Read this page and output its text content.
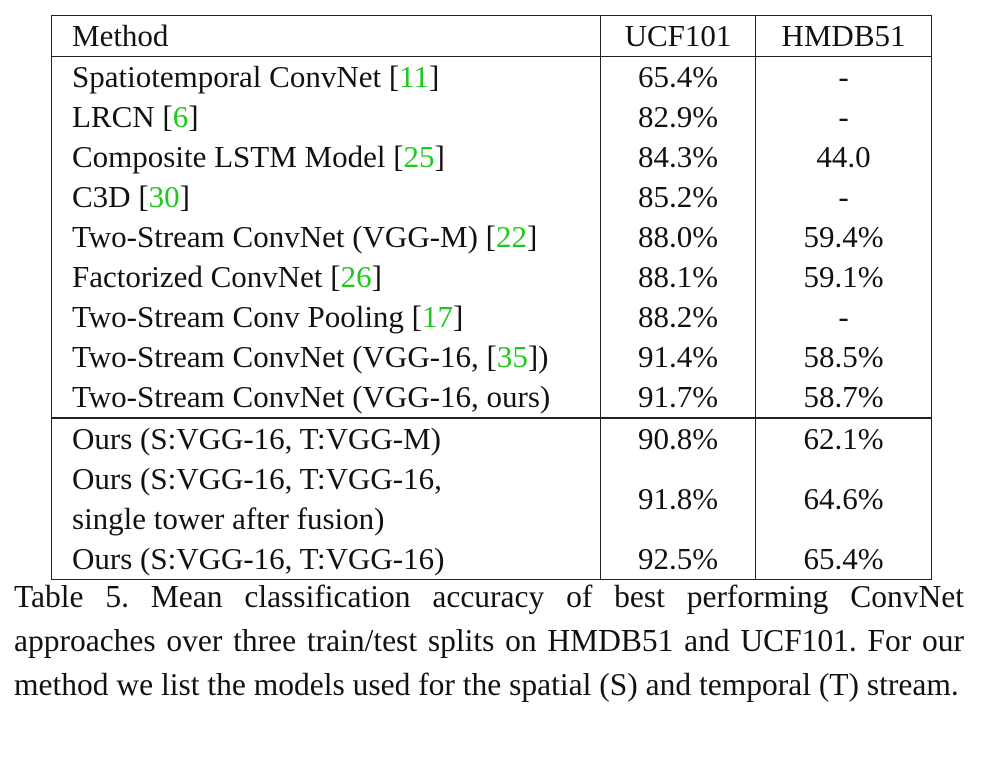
Method	UCF101	HMDB51
Spatiotemporal ConvNet [11]	65.4%	-
LRCN [6]	82.9%	-
Composite LSTM Model [25]	84.3%	44.0
C3D [30]	85.2%	-
Two-Stream ConvNet (VGG-M) [22]	88.0%	59.4%
Factorized ConvNet [26]	88.1%	59.1%
Two-Stream Conv Pooling [17]	88.2%	-
Two-Stream ConvNet (VGG-16, [35])	91.4%	58.5%
Two-Stream ConvNet (VGG-16, ours)	91.7%	58.7%
Ours (S:VGG-16, T:VGG-M)	90.8%	62.1%
Ours (S:VGG-16, T:VGG-16,
single tower after fusion)	91.8%	64.6%
Ours (S:VGG-16, T:VGG-16)	92.5%	65.4%

Table 5. Mean classification accuracy of best performing ConvNet approaches over three train/test splits on HMDB51 and UCF101. For our method we list the models used for the spatial (S) and temporal (T) stream.
